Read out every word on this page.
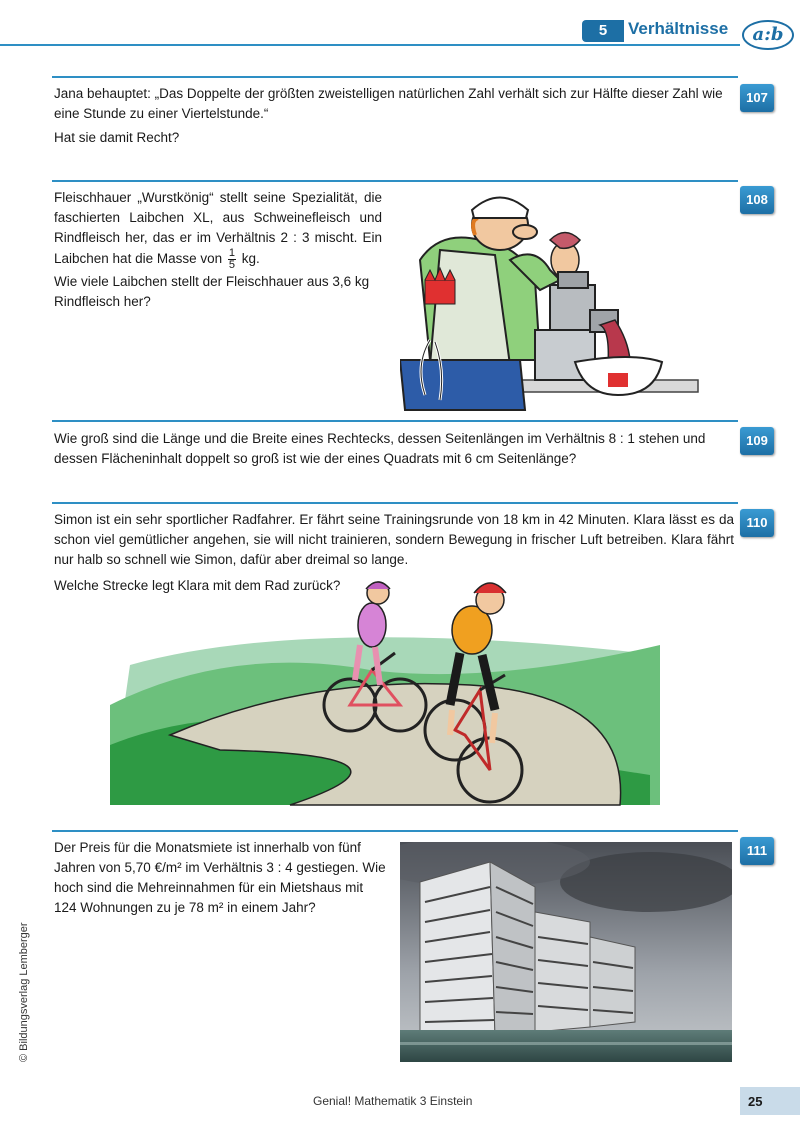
5	Verhältnisse	a:b
107
Jana behauptet: „Das Doppelte der größten zweistelligen natürlichen Zahl verhält sich zur Hälfte dieser Zahl wie eine Stunde zu einer Viertelstunde.“
Hat sie damit Recht?
108
Fleischhauer „Wurstkönig“ stellt seine Spezialität, die faschierten Laibchen XL, aus Schweinefleisch und Rindfleisch her, das er im Verhältnis 2 : 3 mischt. Ein Laibchen hat die Masse von $\frac{1}{5}$ kg.
Wie viele Laibchen stellt der Fleischhauer aus 3,6 kg Rindfleisch her?
109
Wie groß sind die Länge und die Breite eines Rechtecks, dessen Seitenlängen im Verhältnis 8 : 1 stehen und dessen Flächeninhalt doppelt so groß ist wie der eines Quadrats mit 6 cm Seitenlänge?
110
Simon ist ein sehr sportlicher Radfahrer. Er fährt seine Trainingsrunde von 18 km in 42 Minuten. Klara lässt es da schon viel gemütlicher angehen, sie will nicht trainieren, sondern Bewegung in frischer Luft betreiben. Klara fährt nur halb so schnell wie Simon, dafür aber dreimal so lange.
Welche Strecke legt Klara mit dem Rad zurück?
111
Der Preis für die Monatsmiete ist innerhalb von fünf Jahren von 5,70 €/m² im Verhältnis 3 : 4 gestiegen. Wie hoch sind die Mehreinnahmen für ein Mietshaus mit 124 Wohnungen zu je 78 m² in einem Jahr?
© Bildungsverlag Lemberger
Genial! Mathematik 3 Einstein	25
